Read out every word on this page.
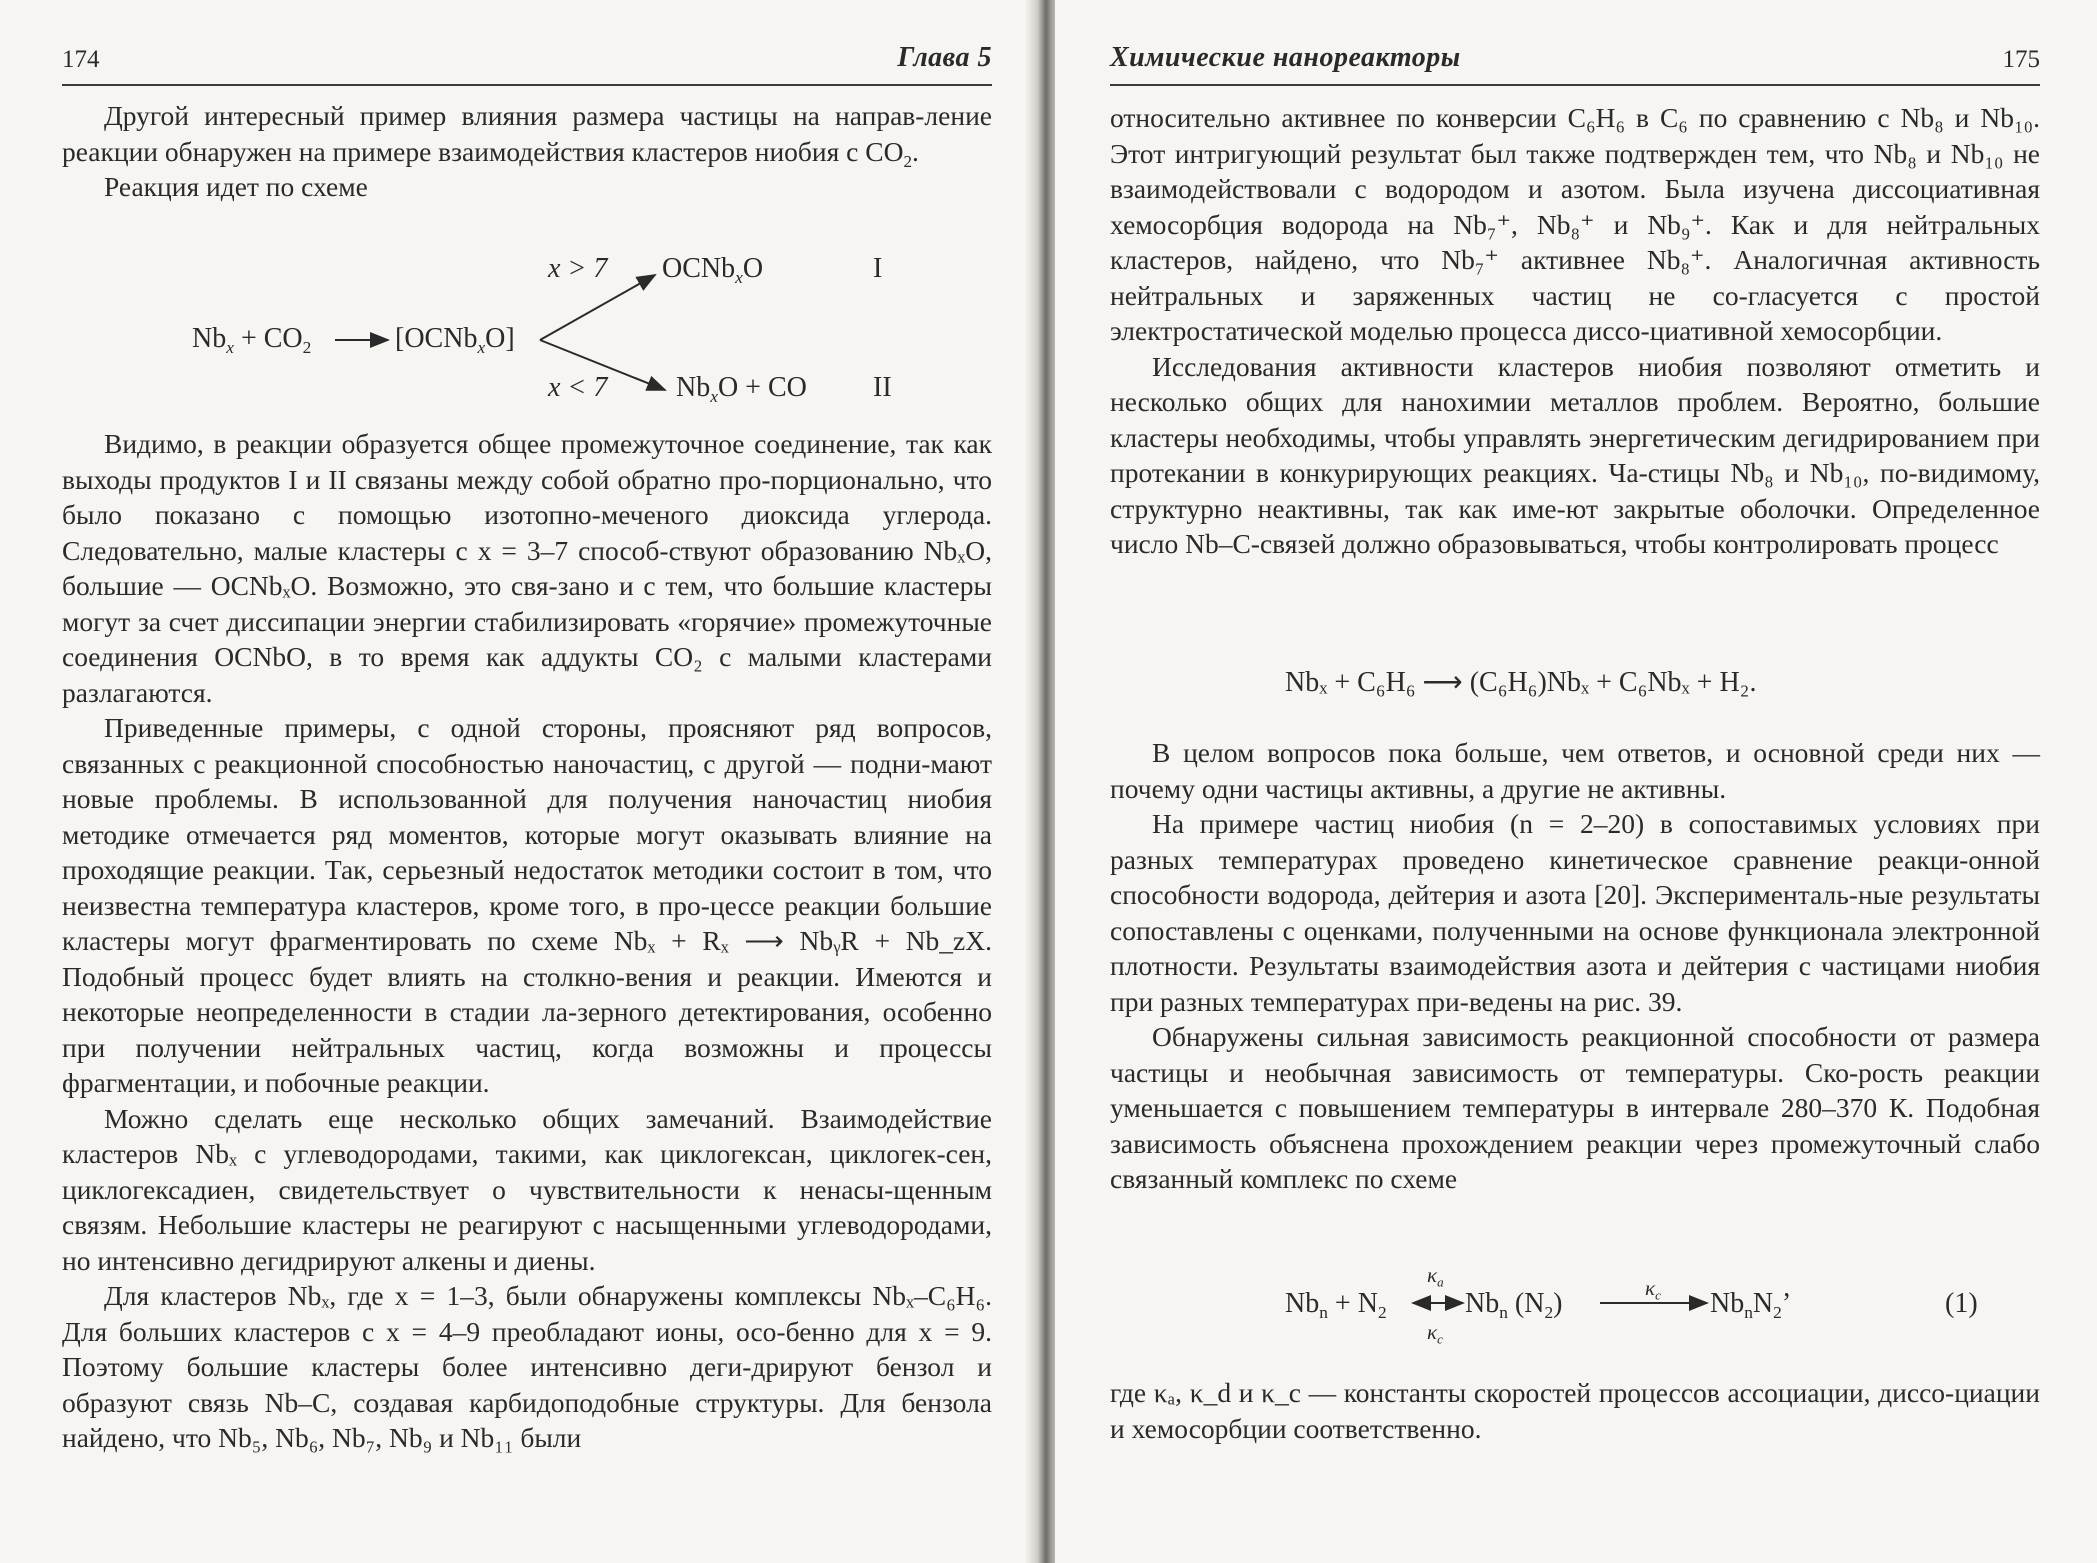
174	Глава 5

Другой интересный пример влияния размера частицы на направ-ление реакции обнаружен на примере взаимодействия кластеров ниобия с $CO_2$.

Реакция идет по схеме

x > 7 OCNb$_x$O	I
$Nb_x + CO_2$	[OCNb$_x$O]
x < 7 $Nb_xO$ + CO II

Видимо, в реакции образуется общее промежуточное соединение, так как выходы продуктов I и II связаны между собой обратно про-порционально, что было показано с помощью изотопно-меченого диоксида углерода. Следовательно, малые кластеры с x = 3–7 способ-ствуют образованию NbₓO, большие — OCNbₓO. Возможно, это свя-зано и с тем, что большие кластеры могут за счет диссипации энергии стабилизировать «горячие» промежуточные соединения OCNbO, в то время как аддукты CO₂ с малыми кластерами разлагаются.

Приведенные примеры, с одной стороны, проясняют ряд вопросов, связанных с реакционной способностью наночастиц, с другой — подни-мают новые проблемы. В использованной для получения наночастиц ниобия методике отмечается ряд моментов, которые могут оказывать влияние на проходящие реакции. Так, серьезный недостаток методики состоит в том, что неизвестна температура кластеров, кроме того, в про-цессе реакции большие кластеры могут фрагментировать по схеме Nbₓ + Rₓ ⟶ NbᵧR + Nb_zX. Подобный процесс будет влиять на столкно-вения и реакции. Имеются и некоторые неопределенности в стадии ла-зерного детектирования, особенно при получении нейтральных частиц, когда возможны и процессы фрагментации, и побочные реакции.

Можно сделать еще несколько общих замечаний. Взаимодействие кластеров Nbₓ с углеводородами, такими, как циклогексан, циклогек-сен, циклогексадиен, свидетельствует о чувствительности к ненасы-щенным связям. Небольшие кластеры не реагируют с насыщенными углеводородами, но интенсивно дегидрируют алкены и диены.

Для кластеров Nbₓ, где x = 1–3, были обнаружены комплексы Nbₓ–C₆H₆. Для больших кластеров с x = 4–9 преобладают ионы, осо-бенно для x = 9. Поэтому большие кластеры более интенсивно деги-дрируют бензол и образуют связь Nb–C, создавая карбидоподобные структуры. Для бензола найдено, что Nb₅, Nb₆, Nb₇, Nb₉ и Nb₁₁ были

Химические нанореакторы	175

относительно активнее по конверсии C₆H₆ в C₆ по сравнению с Nb₈ и Nb₁₀. Этот интригующий результат был также подтвержден тем, что Nb₈ и Nb₁₀ не взаимодействовали с водородом и азотом. Была изучена диссоциативная хемосорбция водорода на Nb₇⁺, Nb₈⁺ и Nb₉⁺. Как и для нейтральных кластеров, найдено, что Nb₇⁺ активнее Nb₈⁺. Аналогичная активность нейтральных и заряженных частиц не со-гласуется с простой электростатической моделью процесса диссо-циативной хемосорбции.

Исследования активности кластеров ниобия позволяют отметить и несколько общих для нанохимии металлов проблем. Вероятно, большие кластеры необходимы, чтобы управлять энергетическим дегидрированием при протекании в конкурирующих реакциях. Ча-стицы Nb₈ и Nb₁₀, по-видимому, структурно неактивны, так как име-ют закрытые оболочки. Определенное число Nb–C-связей должно образовываться, чтобы контролировать процесс

Nbₓ + C₆H₆ ⟶ (C₆H₆)Nbₓ + C₆Nbₓ + H₂.

В целом вопросов пока больше, чем ответов, и основной среди них — почему одни частицы активны, а другие не активны.

На примере частиц ниобия (n = 2–20) в сопоставимых условиях при разных температурах проведено кинетическое сравнение реакци-онной способности водорода, дейтерия и азота [20]. Эксперименталь-ные результаты сопоставлены с оценками, полученными на основе функционала электронной плотности. Результаты взаимодействия азота и дейтерия с частицами ниобия при разных температурах при-ведены на рис. 39.

Обнаружены сильная зависимость реакционной способности от размера частицы и необычная зависимость от температуры. Ско-рость реакции уменьшается с повышением температуры в интервале 280–370 К. Подобная зависимость объяснена прохождением реакции через промежуточный слабо связанный комплекс по схеме

$Nb_n + N_2$
$\kappa_a$
$\kappa_c$
$Nb_n$ $(N_2)$	$\kappa_c$ $Nb_nN_2$’	(1)

где κₐ, κ_d и κ_c — константы скоростей процессов ассоциации, диссо-циации и хемосорбции соответственно.
